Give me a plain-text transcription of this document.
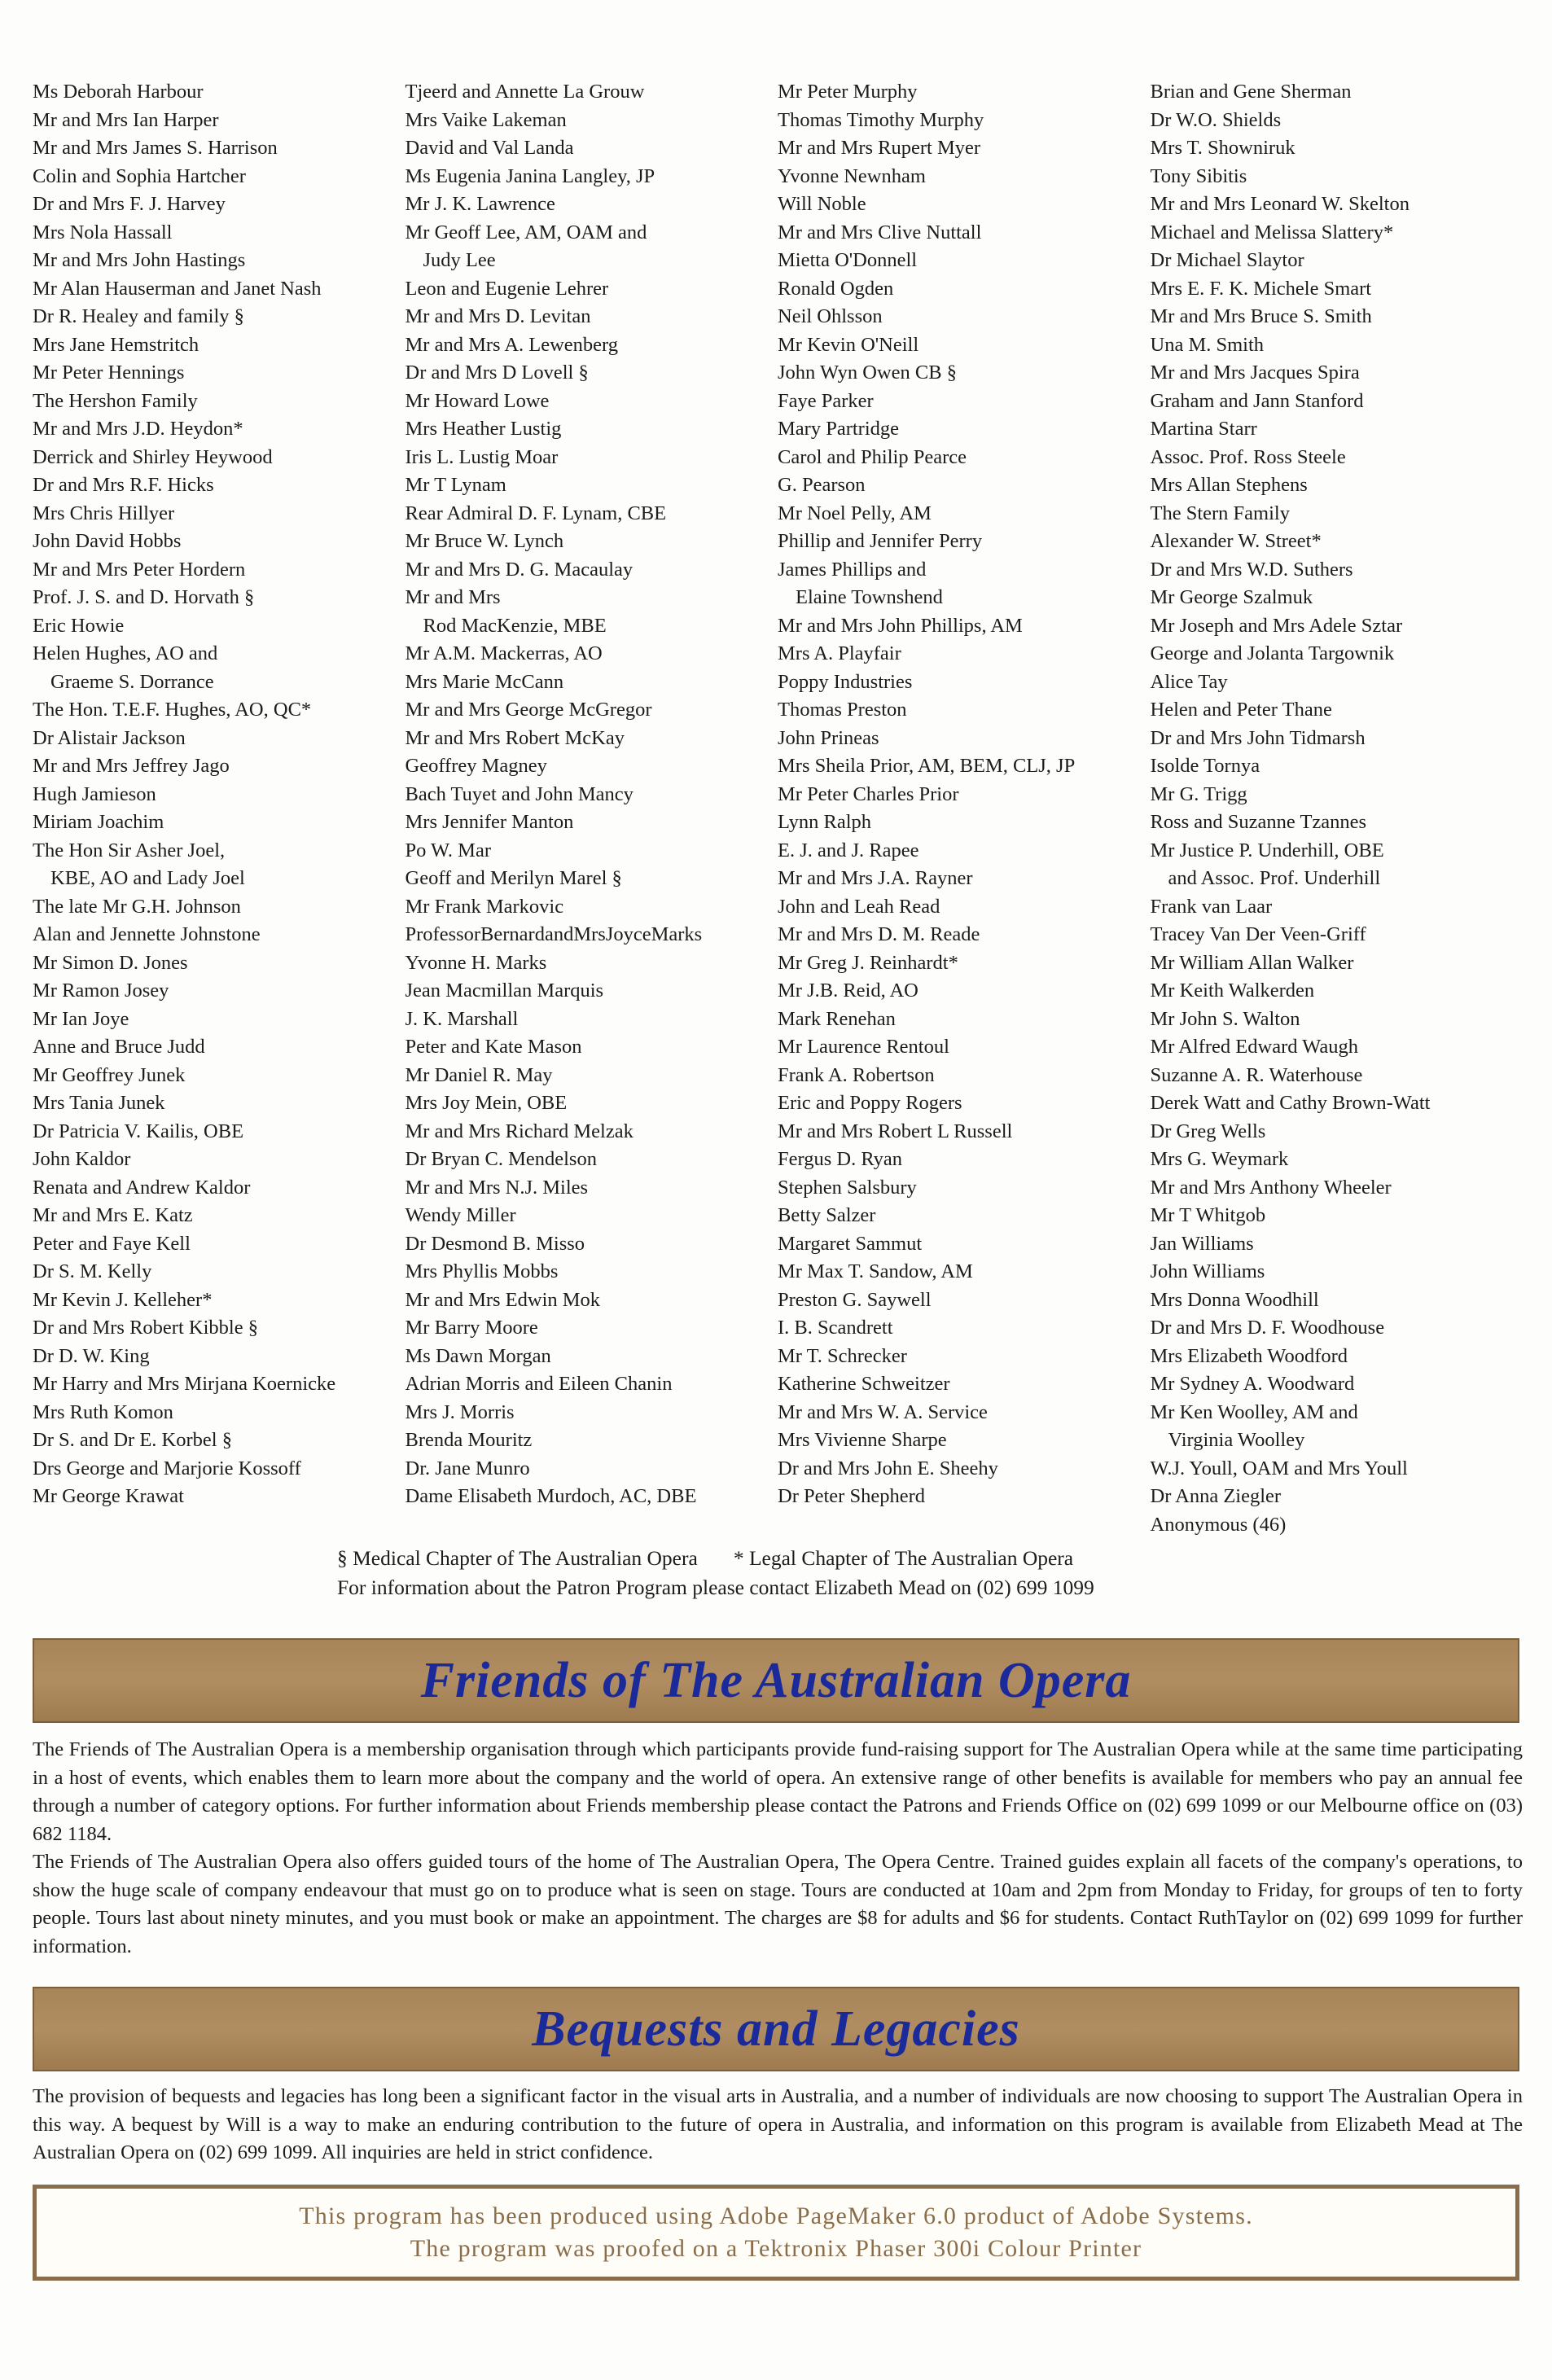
Ms Deborah Harbour
Mr and Mrs Ian Harper
Mr and Mrs James S. Harrison
Colin and Sophia Hartcher
Dr and Mrs F. J. Harvey
Mrs Nola Hassall
Mr and Mrs John Hastings
Mr Alan Hauserman and Janet Nash
Dr R. Healey and family §
Mrs Jane Hemstritch
Mr Peter Hennings
The Hershon Family
Mr and Mrs J.D. Heydon*
Derrick and Shirley Heywood
Dr and Mrs R.F. Hicks
Mrs Chris Hillyer
John David Hobbs
Mr and Mrs Peter Hordern
Prof. J. S. and D. Horvath §
Eric Howie
Helen Hughes, AO and
Graeme S. Dorrance
The Hon. T.E.F. Hughes, AO, QC*
Dr Alistair Jackson
Mr and Mrs Jeffrey Jago
Hugh Jamieson
Miriam Joachim
The Hon Sir Asher Joel,
KBE, AO and Lady Joel
The late Mr G.H. Johnson
Alan and Jennette Johnstone
Mr Simon D. Jones
Mr Ramon Josey
Mr Ian Joye
Anne and Bruce Judd
Mr Geoffrey Junek
Mrs Tania Junek
Dr Patricia V. Kailis, OBE
John Kaldor
Renata and Andrew Kaldor
Mr and Mrs E. Katz
Peter and Faye Kell
Dr S. M. Kelly
Mr Kevin J. Kelleher*
Dr and Mrs Robert Kibble §
Dr D. W. King
Mr Harry and Mrs Mirjana Koernicke
Mrs Ruth Komon
Dr S. and Dr E. Korbel §
Drs George and Marjorie Kossoff
Mr George Krawat
Tjeerd and Annette La Grouw
Mrs Vaike Lakeman
David and Val Landa
Ms Eugenia Janina Langley, JP
Mr J. K. Lawrence
Mr Geoff Lee, AM, OAM and
Judy Lee
Leon and Eugenie Lehrer
Mr and Mrs D. Levitan
Mr and Mrs A. Lewenberg
Dr and Mrs D Lovell §
Mr Howard Lowe
Mrs Heather Lustig
Iris L. Lustig Moar
Mr T Lynam
Rear Admiral D. F. Lynam, CBE
Mr Bruce W. Lynch
Mr and Mrs D. G. Macaulay
Mr and Mrs
Rod MacKenzie, MBE
Mr A.M. Mackerras, AO
Mrs Marie McCann
Mr and Mrs George McGregor
Mr and Mrs Robert McKay
Geoffrey Magney
Bach Tuyet and John Mancy
Mrs Jennifer Manton
Po W. Mar
Geoff and Merilyn Marel §
Mr Frank Markovic
ProfessorBernardandMrsJoyceMarks
Yvonne H. Marks
Jean Macmillan Marquis
J. K. Marshall
Peter and Kate Mason
Mr Daniel R. May
Mrs Joy Mein, OBE
Mr and Mrs Richard Melzak
Dr Bryan C. Mendelson
Mr and Mrs N.J. Miles
Wendy Miller
Dr Desmond B. Misso
Mrs Phyllis Mobbs
Mr and Mrs Edwin Mok
Mr Barry Moore
Ms Dawn Morgan
Adrian Morris and Eileen Chanin
Mrs J. Morris
Brenda Mouritz
Dr. Jane Munro
Dame Elisabeth Murdoch, AC, DBE
Mr Peter Murphy
Thomas Timothy Murphy
Mr and Mrs Rupert Myer
Yvonne Newnham
Will Noble
Mr and Mrs Clive Nuttall
Mietta O'Donnell
Ronald Ogden
Neil Ohlsson
Mr Kevin O'Neill
John Wyn Owen CB §
Faye Parker
Mary Partridge
Carol and Philip Pearce
G. Pearson
Mr Noel Pelly, AM
Phillip and Jennifer Perry
James Phillips and
Elaine Townshend
Mr and Mrs John Phillips, AM
Mrs A. Playfair
Poppy Industries
Thomas Preston
John Prineas
Mrs Sheila Prior, AM, BEM, CLJ, JP
Mr Peter Charles Prior
Lynn Ralph
E. J. and J. Rapee
Mr and Mrs J.A. Rayner
John and Leah Read
Mr and Mrs D. M. Reade
Mr Greg J. Reinhardt*
Mr J.B. Reid, AO
Mark Renehan
Mr Laurence Rentoul
Frank A. Robertson
Eric and Poppy Rogers
Mr and Mrs Robert L Russell
Fergus D. Ryan
Stephen Salsbury
Betty Salzer
Margaret Sammut
Mr Max T. Sandow, AM
Preston G. Saywell
I. B. Scandrett
Mr T. Schrecker
Katherine Schweitzer
Mr and Mrs W. A. Service
Mrs Vivienne Sharpe
Dr and Mrs John E. Sheehy
Dr Peter Shepherd
Brian and Gene Sherman
Dr W.O. Shields
Mrs T. Showniruk
Tony Sibitis
Mr and Mrs Leonard W. Skelton
Michael and Melissa Slattery*
Dr Michael Slaytor
Mrs E. F. K. Michele Smart
Mr and Mrs Bruce S. Smith
Una M. Smith
Mr and Mrs Jacques Spira
Graham and Jann Stanford
Martina Starr
Assoc. Prof. Ross Steele
Mrs Allan Stephens
The Stern Family
Alexander W. Street*
Dr and Mrs W.D. Suthers
Mr George Szalmuk
Mr Joseph and Mrs Adele Sztar
George and Jolanta Targownik
Alice Tay
Helen and Peter Thane
Dr and Mrs John Tidmarsh
Isolde Tornya
Mr G. Trigg
Ross and Suzanne Tzannes
Mr Justice P. Underhill, OBE
and Assoc. Prof. Underhill
Frank van Laar
Tracey Van Der Veen-Griff
Mr William Allan Walker
Mr Keith Walkerden
Mr John S. Walton
Mr Alfred Edward Waugh
Suzanne A. R. Waterhouse
Derek Watt and Cathy Brown-Watt
Dr Greg Wells
Mrs G. Weymark
Mr and Mrs Anthony Wheeler
Mr T Whitgob
Jan Williams
John Williams
Mrs Donna Woodhill
Dr and Mrs D. F. Woodhouse
Mrs Elizabeth Woodford
Mr Sydney A. Woodward
Mr Ken Woolley, AM and
Virginia Woolley
W.J. Youll, OAM and Mrs Youll
Dr Anna Ziegler
Anonymous (46)
§ Medical Chapter of The Australian Opera * Legal Chapter of The Australian Opera
For information about the Patron Program please contact Elizabeth Mead on (02) 699 1099
Friends of The Australian Opera

The Friends of The Australian Opera is a membership organisation through which participants provide fund-raising support for The Australian Opera while at the same time participating in a host of events, which enables them to learn more about the company and the world of opera. An extensive range of other benefits is available for members who pay an annual fee through a number of category options. For further information about Friends membership please contact the Patrons and Friends Office on (02) 699 1099 or our Melbourne office on (03) 682 1184.

The Friends of The Australian Opera also offers guided tours of the home of The Australian Opera, The Opera Centre. Trained guides explain all facets of the company's operations, to show the huge scale of company endeavour that must go on to produce what is seen on stage. Tours are conducted at 10am and 2pm from Monday to Friday, for groups of ten to forty people. Tours last about ninety minutes, and you must book or make an appointment. The charges are $8 for adults and $6 for students. Contact RuthTaylor on (02) 699 1099 for further information.

Bequests and Legacies

The provision of bequests and legacies has long been a significant factor in the visual arts in Australia, and a number of individuals are now choosing to support The Australian Opera in this way. A bequest by Will is a way to make an enduring contribution to the future of opera in Australia, and information on this program is available from Elizabeth Mead at The Australian Opera on (02) 699 1099. All inquiries are held in strict confidence.

This program has been produced using Adobe PageMaker 6.0 product of Adobe Systems.
The program was proofed on a Tektronix Phaser 300i Colour Printer
